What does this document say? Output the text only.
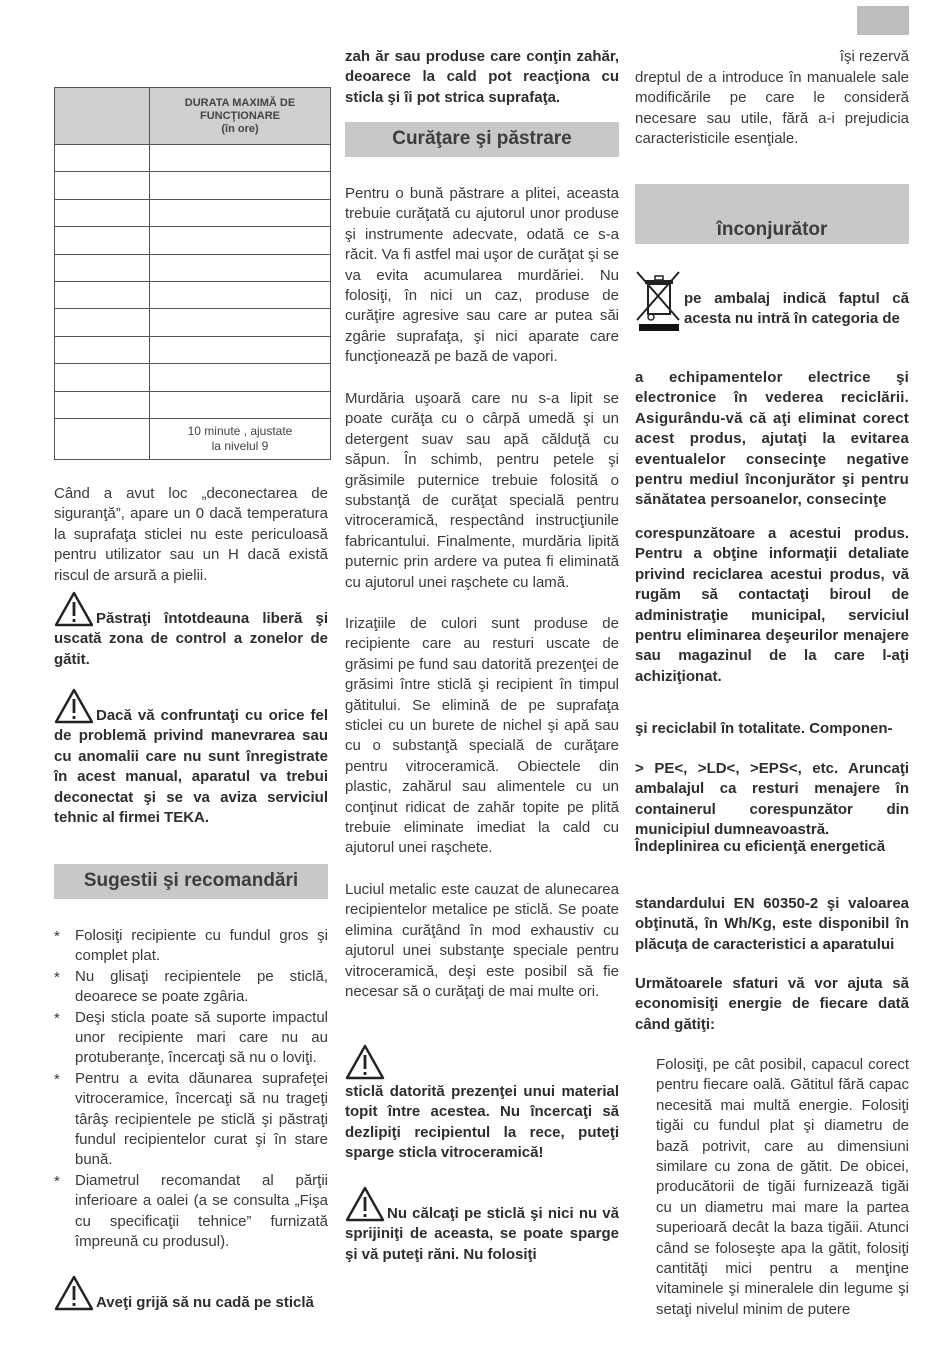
	DURATA MAXIMĂ DE
FUNCŢIONARE
(în ore)

	10 minute , ajustate
la nivelul 9

Când a avut loc „deconectarea de siguranţă”, apare un 0 dacă temperatura la suprafaţa sticlei nu este periculoasă pentru utilizator sau un H dacă există riscul de arsură a pielii.

Păstraţi întotdeauna liberă şi uscată zona de control a zonelor de gătit.
Dacă vă confruntaţi cu orice fel de problemă privind manevrarea sau cu anomalii care nu sunt înregistrate în acest manual, aparatul va trebui deconectat şi se va aviza serviciul tehnic al firmei TEKA.
Sugestii şi recomandări
* Folosiţi recipiente cu fundul gros şi complet plat.
* Nu glisaţi recipientele pe sticlă, deoarece se poate zgâria.
* Deşi sticla poate să suporte impactul unor recipiente mari care nu au protuberanţe, încercaţi să nu o loviţi.
* Pentru a evita dăunarea suprafeţei vitroceramice, încercaţi să nu trageţi târâş recipientele pe sticlă şi păstraţi fundul recipientelor curat şi în stare bună.
* Diametrul recomandat al părţii inferioare a oalei (a se consulta „Fişa cu specificaţii tehnice” furnizată împreună cu produsul).
Aveţi grijă să nu cadă pe sticlă

zah ăr sau produse care conţin zahăr, deoarece la cald pot reacţiona cu sticla şi îi pot strica suprafaţa.

Curăţare şi păstrare

Pentru o bună păstrare a plitei, aceasta trebuie curăţată cu ajutorul unor produse şi instrumente adecvate, odată ce s-a răcit. Va fi astfel mai uşor de curăţat şi se va evita acumularea murdăriei. Nu folosiţi, în nici un caz, produse de curăţire agresive sau care ar putea săi zgârie suprafaţa, şi nici aparate care funcţionează pe bază de vapori.

Murdăria uşoară care nu s-a lipit se poate curăţa cu o cârpă umedă şi un detergent suav sau apă călduţă cu săpun. În schimb, pentru petele şi grăsimile puternice trebuie folosită o substanţă de curăţat specială pentru vitroceramică, respectând instrucţiunile fabricantului. Finalmente, murdăria lipită puternic prin ardere va putea fi eliminată cu ajutorul unei raşchete cu lamă.

Irizaţiile de culori sunt produse de recipiente care au resturi uscate de grăsimi pe fund sau datorită prezenţei de grăsimi între sticlă şi recipient în timpul gătitului. Se elimină de pe suprafaţa sticlei cu un burete de nichel şi apă sau cu o substanţă specială de curăţare pentru vitroceramică. Obiectele din plastic, zahărul sau alimentele cu un conţinut ridicat de zahăr topite pe plită trebuie eliminate imediat la cald cu ajutorul unei raşchete.

Luciul metalic este cauzat de alunecarea recipientelor metalice pe sticlă. Se poate elimina curăţând în mod exhaustiv cu ajutorul unei substanţe speciale pentru vitroceramică, deşi este posibil să fie necesar să o curăţaţi de mai multe ori.

sticlă datorită prezenţei unui material topit între acestea. Nu încercaţi să dezlipiţi recipientul la rece, puteţi sparge sticla vitroceramică!

Nu călcaţi pe sticlă şi nici nu vă sprijiniţi de aceasta, se poate sparge şi vă puteţi răni. Nu folosiţi

îşi rezervă

dreptul de a introduce în manualele sale modificările pe care le consideră necesare sau utile, fără a-i prejudicia caracteristicile esenţiale.

înconjurător

pe ambalaj indică faptul că acesta nu intră în categoria de

a echipamentelor electrice şi electronice în vederea reciclării. Asigurându-vă că aţi eliminat corect acest produs, ajutaţi la evitarea eventualelor consecinţe negative pentru mediul înconjurător şi pentru sănătatea persoanelor, consecinţe

corespunzătoare a acestui produs. Pentru a obţine informaţii detaliate privind reciclarea acestui produs, vă rugăm să contactaţi biroul de administraţie municipal, serviciul pentru eliminarea deşeurilor menajere sau magazinul de la care l-aţi achiziţionat.

şi reciclabil în totalitate. Componen-

> PE<, >LD<, >EPS<, etc. Aruncaţi ambalajul ca resturi menajere în containerul corespunzător din municipiul dumneavoastră.

Îndeplinirea cu eficienţă energetică

standardului EN 60350-2 şi valoarea obţinută, în Wh/Kg, este disponibil în plăcuţa de caracteristici a aparatului

Următoarele sfaturi vă vor ajuta să economisiţi energie de fiecare dată când gătiţi:

Folosiţi, pe cât posibil, capacul corect pentru fiecare oală. Gătitul fără capac necesită mai multă energie. Folosiţi tigăi cu fundul plat şi diametru de bază potrivit, care au dimensiuni similare cu zona de gătit. De obicei, producătorii de tigăi furnizează tigăi cu un diametru mai mare la partea superioară decât la baza tigăii. Atunci când se foloseşte apa la gătit, folosiţi cantităţi mici pentru a menţine vitaminele şi mineralele din legume şi setaţi nivelul minim de putere
